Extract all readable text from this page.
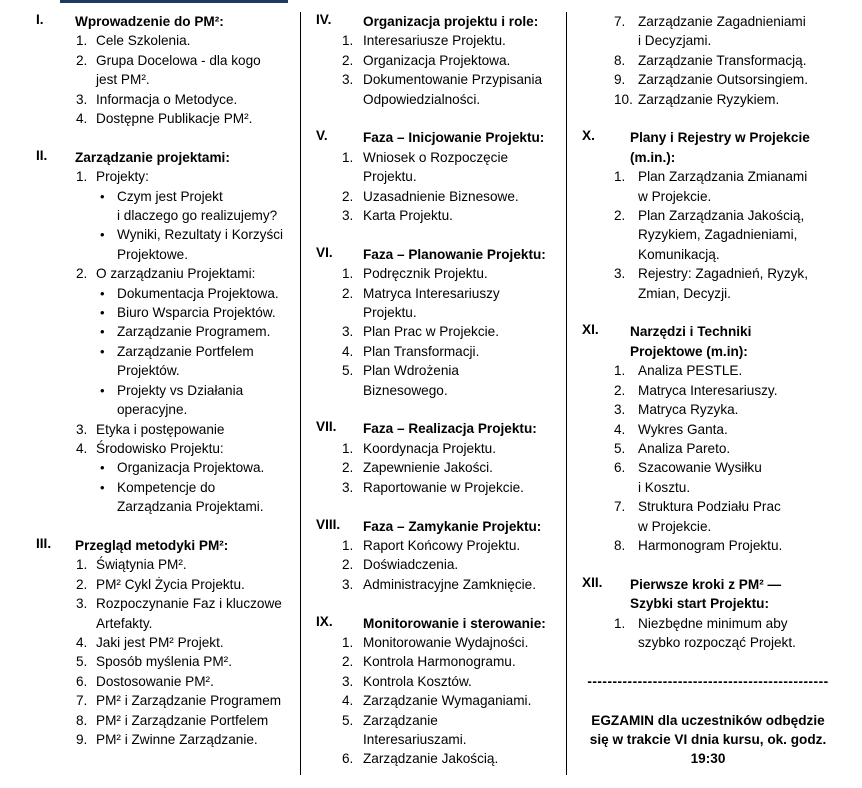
I.	Wprowadzenie do PM²:
1. Cele Szkolenia.
2. Grupa Docelowa - dla kogo
jest PM².
3. Informacja o Metodyce.
4. Dostępne Publikacje PM².
II.	Zarządzanie projektami:
1. Projekty:
• Czym jest Projekt
i dlaczego go realizujemy?
• Wyniki, Rezultaty i Korzyści
Projektowe.
2. O zarządzaniu Projektami:
• Dokumentacja Projektowa.
• Biuro Wsparcia Projektów.
• Zarządzanie Programem.
• Zarządzanie Portfelem
Projektów.
• Projekty vs Działania
operacyjne.
3. Etyka i postępowanie
4. Środowisko Projektu:
• Organizacja Projektowa.
• Kompetencje do
Zarządzania Projektami.
III.	Przegląd metodyki PM²:
1. Świątynia PM².
2. PM² Cykl Życia Projektu.
3. Rozpoczynanie Faz i kluczowe
Artefakty.
4. Jaki jest PM² Projekt.
5. Sposób myślenia PM².
6. Dostosowanie PM².
7. PM² i Zarządzanie Programem
8. PM² i Zarządzanie Portfelem
9. PM² i Zwinne Zarządzanie.
IV.	Organizacja projektu i role:
1. Interesariusze Projektu.
2. Organizacja Projektowa.
3. Dokumentowanie Przypisania
Odpowiedzialności.
V.	Faza – Inicjowanie Projektu:
1. Wniosek o Rozpoczęcie
Projektu.
2. Uzasadnienie Biznesowe.
3. Karta Projektu.
VI.	Faza – Planowanie Projektu:
1. Podręcznik Projektu.
2. Matryca Interesariuszy
Projektu.
3. Plan Prac w Projekcie.
4. Plan Transformacji.
5. Plan Wdrożenia
Biznesowego.
VII.	Faza – Realizacja Projektu:
1. Koordynacja Projektu.
2. Zapewnienie Jakości.
3. Raportowanie w Projekcie.
VIII.	Faza – Zamykanie Projektu:
1. Raport Końcowy Projektu.
2. Doświadczenia.
3. Administracyjne Zamknięcie.
IX.	Monitorowanie i sterowanie:
1. Monitorowanie Wydajności.
2. Kontrola Harmonogramu.
3. Kontrola Kosztów.
4. Zarządzanie Wymaganiami.
5. Zarządzanie
Interesariuszami.
6. Zarządzanie Jakością.
7. Zarządzanie Zagadnieniami
i Decyzjami.
8. Zarządzanie Transformacją.
9. Zarządzanie Outsorsingiem.
10. Zarządzanie Ryzykiem.
X.	Plany i Rejestry w Projekcie
(m.in.):
1. Plan Zarządzania Zmianami
w Projekcie.
2. Plan Zarządzania Jakością,
Ryzykiem, Zagadnieniami,
Komunikacją.
3. Rejestry: Zagadnień, Ryzyk,
Zmian, Decyzji.
XI.	Narzędzi i Techniki
Projektowe (m.in):
1. Analiza PESTLE.
2. Matryca Interesariuszy.
3. Matryca Ryzyka.
4. Wykres Ganta.
5. Analiza Pareto.
6. Szacowanie Wysiłku
i Kosztu.
7. Struktura Podziału Prac
w Projekcie.
8. Harmonogram Projektu.
XII.	Pierwsze kroki z PM² —
Szybki start Projektu:
1. Niezbędne minimum aby
szybko rozpocząć Projekt.
------------------------------------------------
EGZAMIN dla uczestników odbędzie
się w trakcie VI dnia kursu, ok. godz.
19:30
